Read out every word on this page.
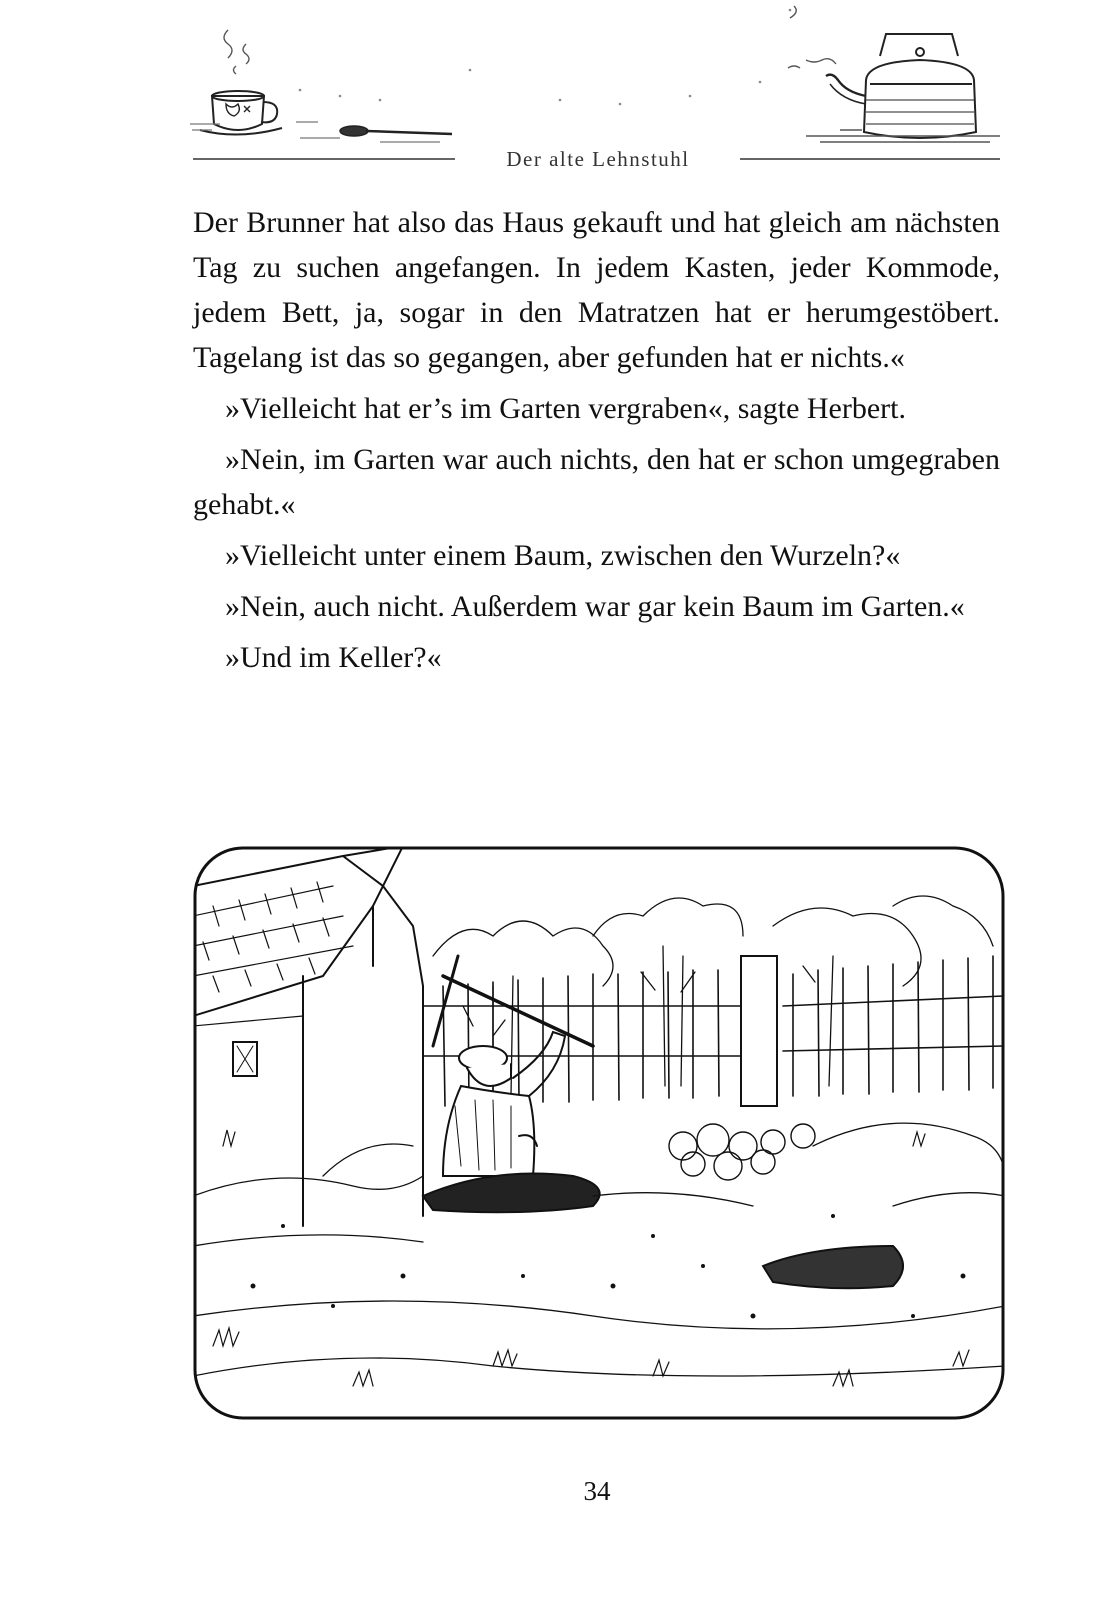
Der alte Lehnstuhl

Der Brunner hat also das Haus gekauft und hat gleich am nächsten Tag zu suchen angefangen. In jedem Kasten, jeder Kommode, jedem Bett, ja, sogar in den Matratzen hat er herumgestöbert. Tagelang ist das so gegangen, aber gefunden hat er nichts.«

»Vielleicht hat er’s im Garten vergraben«, sagte Herbert.

»Nein, im Garten war auch nichts, den hat er schon umgegraben gehabt.«

»Vielleicht unter einem Baum, zwischen den Wurzeln?«

»Nein, auch nicht. Außerdem war gar kein Baum im Garten.«

»Und im Keller?«

34
